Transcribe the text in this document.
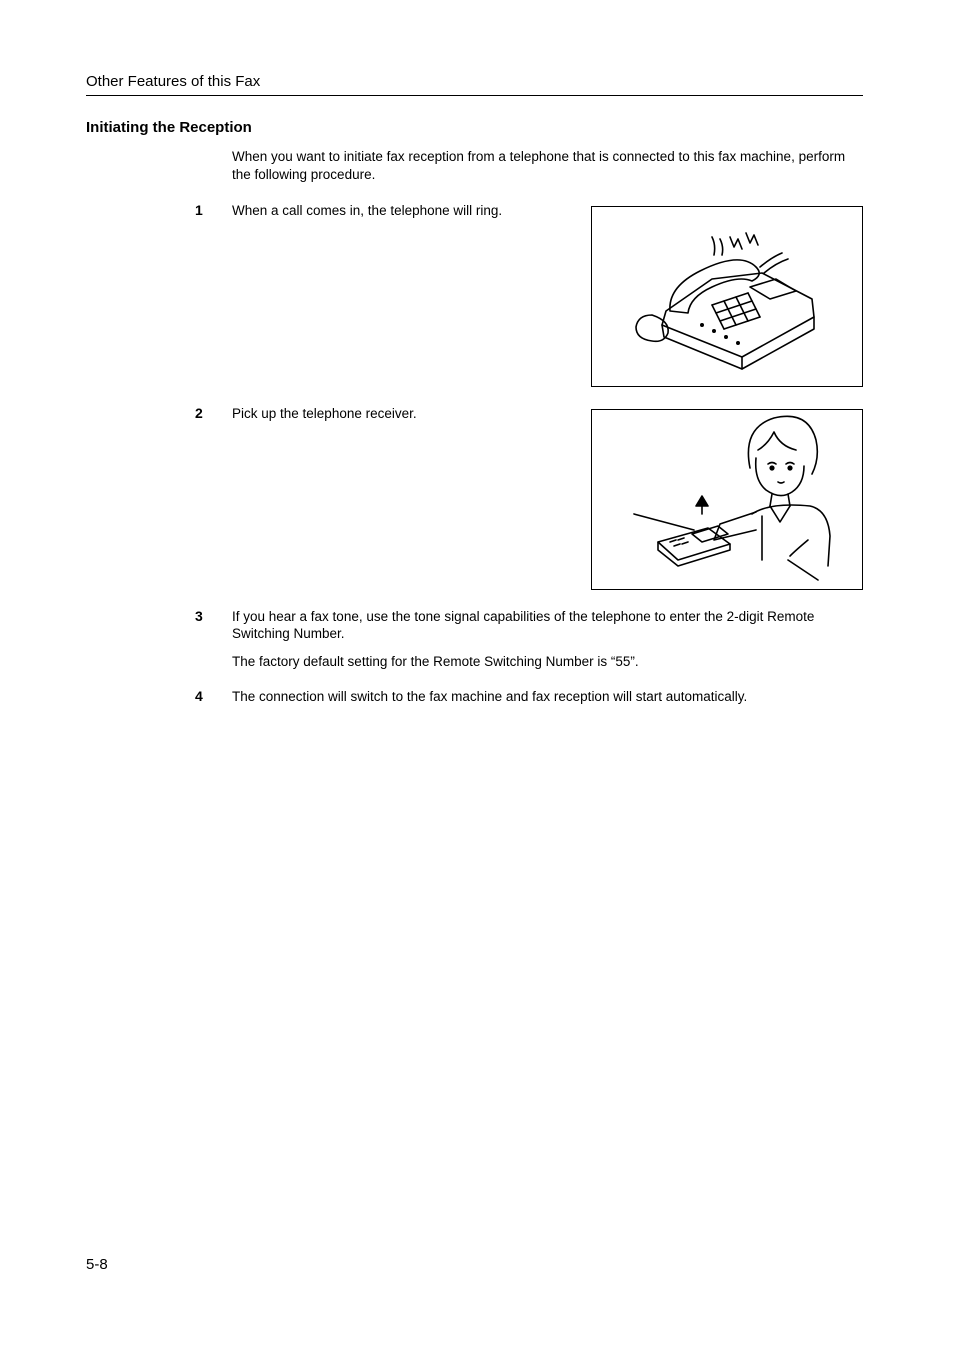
Other Features of this Fax
Initiating the Reception
When you want to initiate fax reception from a telephone that is connected to this fax machine, perform the following procedure.
1 When a call comes in, the telephone will ring.
2 Pick up the telephone receiver.
3 If you hear a fax tone, use the tone signal capabilities of the telephone to enter the 2-digit Remote Switching Number.
The factory default setting for the Remote Switching Number is “55”.
4 The connection will switch to the fax machine and fax reception will start automatically.
5-8
